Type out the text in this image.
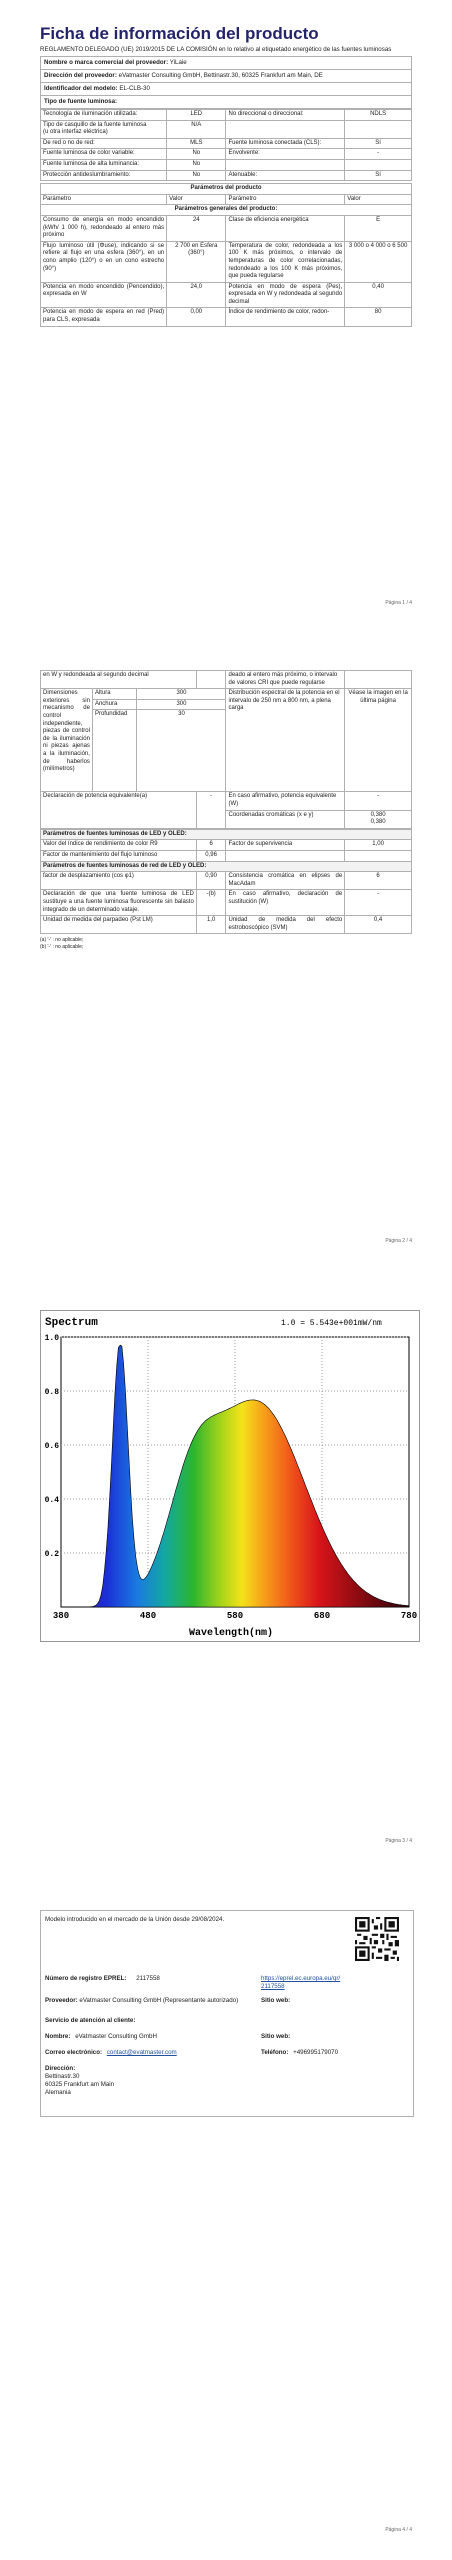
Ficha de información del producto
REGLAMENTO DELEGADO (UE) 2019/2015 DE LA COMISIÓN en lo relativo al etiquetado energético de las fuentes luminosas
Nombre o marca comercial del proveedor: YiLaie
Dirección del proveedor: eVatmaster Consulting GmbH, Bettinastr.30, 60325 Frankfurt am Main, DE
Identificador del modelo: EL-CLB-30
Tipo de fuente luminosa:
Tecnología de iluminación utilizada:	LED	No direccional o direccional:	NDLS
Tipo de casquillo de la fuente luminosa
(u otra interfaz eléctrica)	N/A		
De red o no de red:	MLS	Fuente luminosa conectada (CLS):	Sí
Fuente luminosa de color variable:	No	Envolvente:	-
Fuente luminosa de alta luminancia:	No		
Protección antideslumbramiento:	No	Atenuable:	Sí
Parámetros del producto			
Parámetro	Valor	Parámetro	Valor
Parámetros generales del producto:			
Consumo de energía en modo encendido (kWh/ 1 000 h), redondeado al entero más próximo	24	Clase de eficiencia energética	E
Flujo luminoso útil (Φuse), indicando si se refiere al flujo en una esfera (360°), en un cono amplio (120°) o en un cono estrecho (90°)	2 700 en Esfera (360°)	Temperatura de color, redondeada a los 100 K más próximos, o intervalo de temperaturas de color correlacionadas, redondeado a los 100 K más próximos, que pueda regularse	3 000 o 4 000 o 6 500
Potencia en modo encendido (Pencendido), expresada en W	24,0	Potencia en modo de espera (Pes), expresada en W y redondeada al segundo decimal	0,40
Potencia en modo de espera en red (Pred) para CLS, expresada	0,00	Índice de rendimiento de color, redon-	80
Página 1 / 4
en W y redondeada al segundo decimal				deado al entero más próximo, o intervalo de valores CRI que puede regularse	
Dimensiones exteriores sin mecanismo de control independiente, piezas de control de la iluminación ni piezas ajenas a la iluminación, de haberlos (milímetros)	Altura	300		Distribución espectral de la potencia en el intervalo de 250 nm a 800 nm, a plena carga	Véase la imagen en la última página
	Anchura	300			
	Profundidad	30			
Declaración de potencia equivalente(a)			-	En caso afirmativo, potencia equivalente (W)	-
				Coordenadas cromáticas (x e y)	0,380
0,380
Parámetros de fuentes luminosas de LED y OLED:			
Valor del índice de rendimiento de color R9	6	Factor de supervivencia	1,00
Factor de mantenimiento del flujo luminoso	0,96		
Parámetros de fuentes luminosas de red de LED y OLED:			
factor de desplazamiento (cos φ1)	0,90	Consistencia cromática en elipses de MacAdam	6
Declaración de que una fuente luminosa de LED sustituye a una fuente luminosa fluorescente sin balasto integrado de un determinado vataje.	-(b)	En caso afirmativo, declaración de sustitución (W)	-
Unidad de medida del parpadeo (Pst LM)	1,0	Unidad de medida del efecto estroboscópico (SVM)	0,4
(a) '-' : no aplicable;
(b) '-' : no aplicable;
Página 2 / 4
Spectrum	1.0 = 5.543e+001mW/nm
380	480	580	680	780
1.0
0.8
0.6
0.4
0.2
Wavelength(nm)
Página 3 / 4
Modelo introducido en el mercado de la Unión desde 29/08/2024.
Número de registro EPREL: 2117558	https://eprel.ec.europa.eu/qr/2117558
Proveedor: eVatmaster Consulting GmbH (Representante autorizado)	Sitio web:
Servicio de atención al cliente:
Nombre: eVatmaster Consulting GmbH	Sitio web:
Correo electrónico: contact@evatmaster.com	Teléfono: +496995179070
Dirección:
Bettinastr.30
60325 Frankfurt am Main
Alemania
Página 4 / 4
